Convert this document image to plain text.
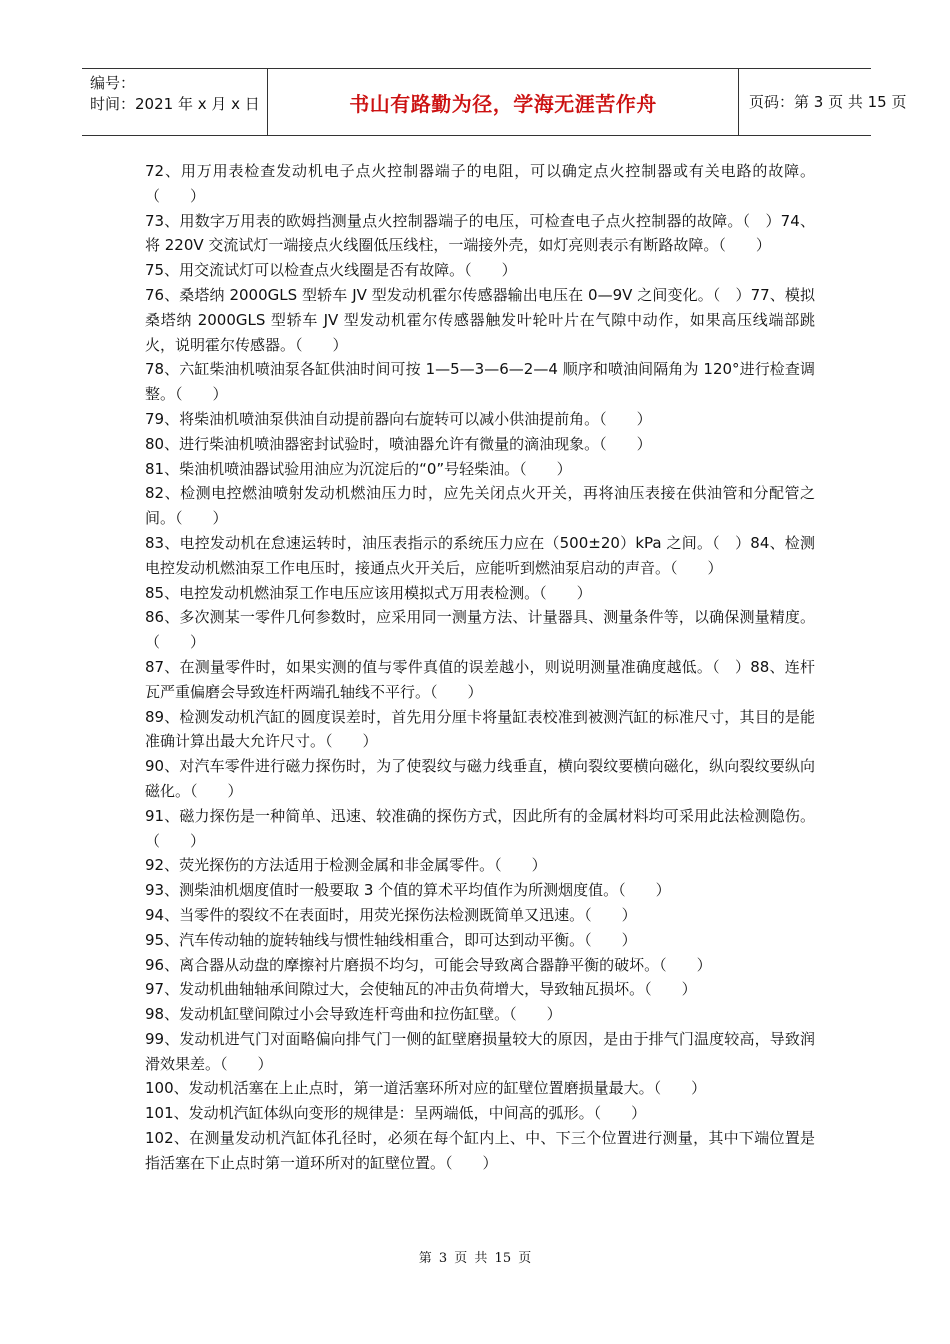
编号：
时间：2021 年 x 月 x 日	书山有路勤为径，学海无涯苦作舟	页码：第 3 页 共 15 页

72、用万用表检查发动机电子点火控制器端子的电阻，可以确定点火控制器或有关电路的故障。（　　）

73、用数字万用表的欧姆挡测量点火控制器端子的电压，可检查电子点火控制器的故障。（　）74、将 220V 交流试灯一端接点火线圈低压线柱，一端接外壳，如灯亮则表示有断路故障。（　　）

75、用交流试灯可以检查点火线圈是否有故障。（　　）

76、桑塔纳 2000GLS 型轿车 JV 型发动机霍尔传感器输出电压在 0—9V 之间变化。（　）77、模拟桑塔纳 2000GLS 型轿车 JV 型发动机霍尔传感器触发叶轮叶片在气隙中动作，如果高压线端部跳火，说明霍尔传感器。（　　）

78、六缸柴油机喷油泵各缸供油时间可按 1—5—3—6—2—4 顺序和喷油间隔角为 120°进行检查调整。（　　）

79、将柴油机喷油泵供油自动提前器向右旋转可以减小供油提前角。（　　）

80、进行柴油机喷油器密封试验时，喷油器允许有微量的滴油现象。（　　）

81、柴油机喷油器试验用油应为沉淀后的“0”号轻柴油。（　　）

82、检测电控燃油喷射发动机燃油压力时，应先关闭点火开关，再将油压表接在供油管和分配管之间。（　　）

83、电控发动机在怠速运转时，油压表指示的系统压力应在（500±20）kPa 之间。（　）84、检测电控发动机燃油泵工作电压时，接通点火开关后，应能听到燃油泵启动的声音。（　　）

85、电控发动机燃油泵工作电压应该用模拟式万用表检测。（　　）

86、多次测某一零件几何参数时，应采用同一测量方法、计量器具、测量条件等，以确保测量精度。（　　）

87、在测量零件时，如果实测的值与零件真值的误差越小，则说明测量准确度越低。（　）88、连杆瓦严重偏磨会导致连杆两端孔轴线不平行。（　　）

89、检测发动机汽缸的圆度误差时，首先用分厘卡将量缸表校准到被测汽缸的标准尺寸，其目的是能准确计算出最大允许尺寸。（　　）

90、对汽车零件进行磁力探伤时，为了使裂纹与磁力线垂直，横向裂纹要横向磁化，纵向裂纹要纵向磁化。（　　）

91、磁力探伤是一种简单、迅速、较准确的探伤方式，因此所有的金属材料均可采用此法检测隐伤。（　　）

92、荧光探伤的方法适用于检测金属和非金属零件。（　　）

93、测柴油机烟度值时一般要取 3 个值的算术平均值作为所测烟度值。（　　）

94、当零件的裂纹不在表面时，用荧光探伤法检测既简单又迅速。（　　）

95、汽车传动轴的旋转轴线与惯性轴线相重合，即可达到动平衡。（　　）

96、离合器从动盘的摩擦衬片磨损不均匀，可能会导致离合器静平衡的破坏。（　　）

97、发动机曲轴轴承间隙过大，会使轴瓦的冲击负荷增大，导致轴瓦损坏。（　　）

98、发动机缸壁间隙过小会导致连杆弯曲和拉伤缸壁。（　　）

99、发动机进气门对面略偏向排气门一侧的缸壁磨损量较大的原因，是由于排气门温度较高，导致润滑效果差。（　　）

100、发动机活塞在上止点时，第一道活塞环所对应的缸壁位置磨损量最大。（　　）

101、发动机汽缸体纵向变形的规律是：呈两端低，中间高的弧形。（　　）

102、在测量发动机汽缸体孔径时，必须在每个缸内上、中、下三个位置进行测量，其中下端位置是指活塞在下止点时第一道环所对的缸壁位置。（　　）

第 3 页 共 15 页
